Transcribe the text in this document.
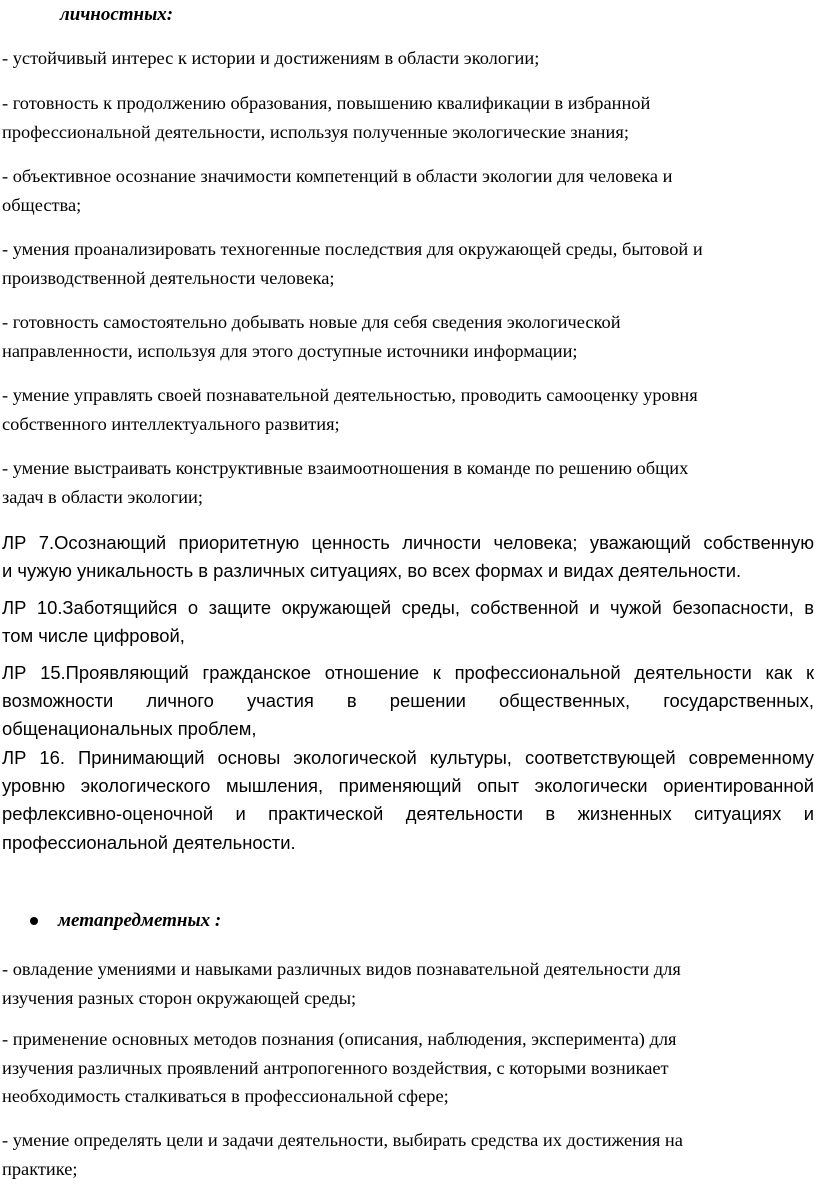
личностных:

- устойчивый интерес к истории и достижениям в области экологии;

- готовность к продолжению образования, повышению квалификации в избранной
профессиональной деятельности, используя полученные экологические знания;

- объективное осознание значимости компетенций в области экологии для человека и
общества;

- умения проанализировать техногенные последствия для окружающей среды, бытовой и
производственной деятельности человека;

- готовность самостоятельно добывать новые для себя сведения экологической
направленности, используя для этого доступные источники информации;

- умение управлять своей познавательной деятельностью, проводить самооценку уровня
собственного интеллектуального развития;

- умение выстраивать конструктивные взаимоотношения в команде по решению общих
задач в области экологии;

ЛР 7.Осознающий приоритетную ценность личности человека; уважающий собственную
и чужую уникальность в различных ситуациях, во всех формах и видах деятельности.

ЛР 10.Заботящийся о защите окружающей среды, собственной и чужой безопасности, в
том числе цифровой,

ЛР 15.Проявляющий гражданское отношение к профессиональной деятельности как к
возможности личного участия в решении общественных, государственных,
общенациональных проблем,

ЛР 16. Принимающий основы экологической культуры, соответствующей современному
уровню экологического мышления, применяющий опыт экологически ориентированной
рефлексивно-оценочной и практической деятельности в жизненных ситуациях и
профессиональной деятельности.

метапредметных :

- овладение умениями и навыками различных видов познавательной деятельности для
изучения разных сторон окружающей среды;

- применение основных методов познания (описания, наблюдения, эксперимента) для
изучения различных проявлений антропогенного воздействия, с которыми возникает
необходимость сталкиваться в профессиональной сфере;

- умение определять цели и задачи деятельности, выбирать средства их достижения на
практике;
